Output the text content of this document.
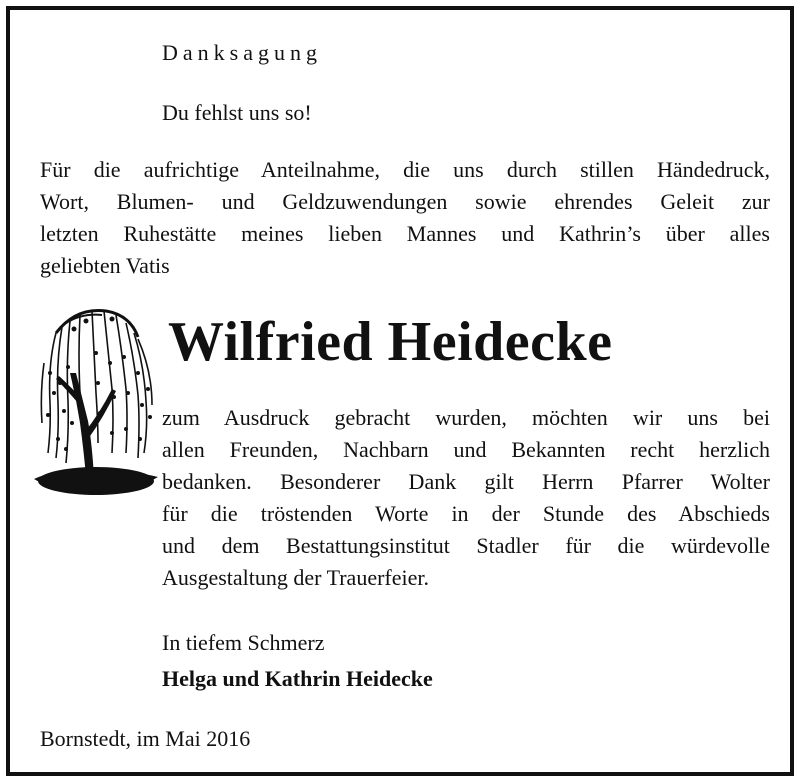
Danksagung
Du fehlst uns so!
Für die aufrichtige Anteilnahme, die uns durch stillen Händedruck,
Wort, Blumen- und Geldzuwendungen sowie ehrendes Geleit zur
letzten Ruhestätte meines lieben Mannes und Kathrin’s über alles
geliebten Vatis
Wilfried Heidecke
zum Ausdruck gebracht wurden, möchten wir uns bei
allen Freunden, Nachbarn und Bekannten recht herzlich
bedanken. Besonderer Dank gilt Herrn Pfarrer Wolter
für die tröstenden Worte in der Stunde des Abschieds
und dem Bestattungsinstitut Stadler für die würdevolle
Ausgestaltung der Trauerfeier.
In tiefem Schmerz
Helga und Kathrin Heidecke
Bornstedt, im Mai 2016
